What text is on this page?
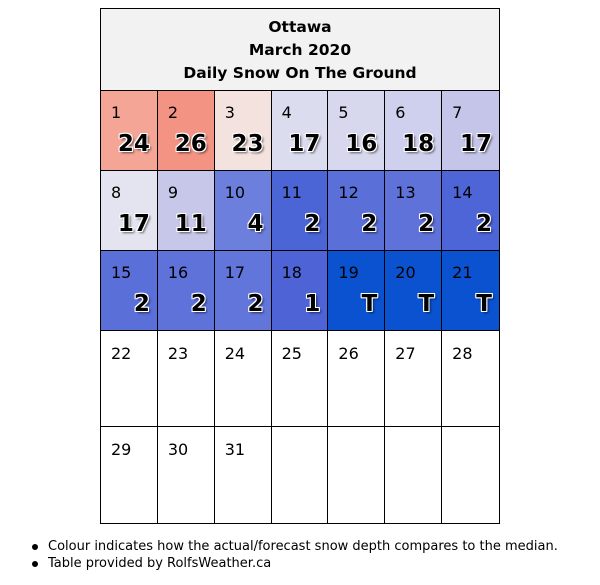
Ottawa
March 2020
Daily Snow On The Ground
1
24
2
26
3
23
4
17
5
16
6
18
7
17
8
17
9
11
10
4
11
2
12
2
13
2
14
2
15
2
16
2
17
2
18
1
19
T
20
T
21
T
22 23 24 25 26 27 28
29 30 31
Colour indicates how the actual/forecast snow depth compares to the median.
Table provided by RolfsWeather.ca
